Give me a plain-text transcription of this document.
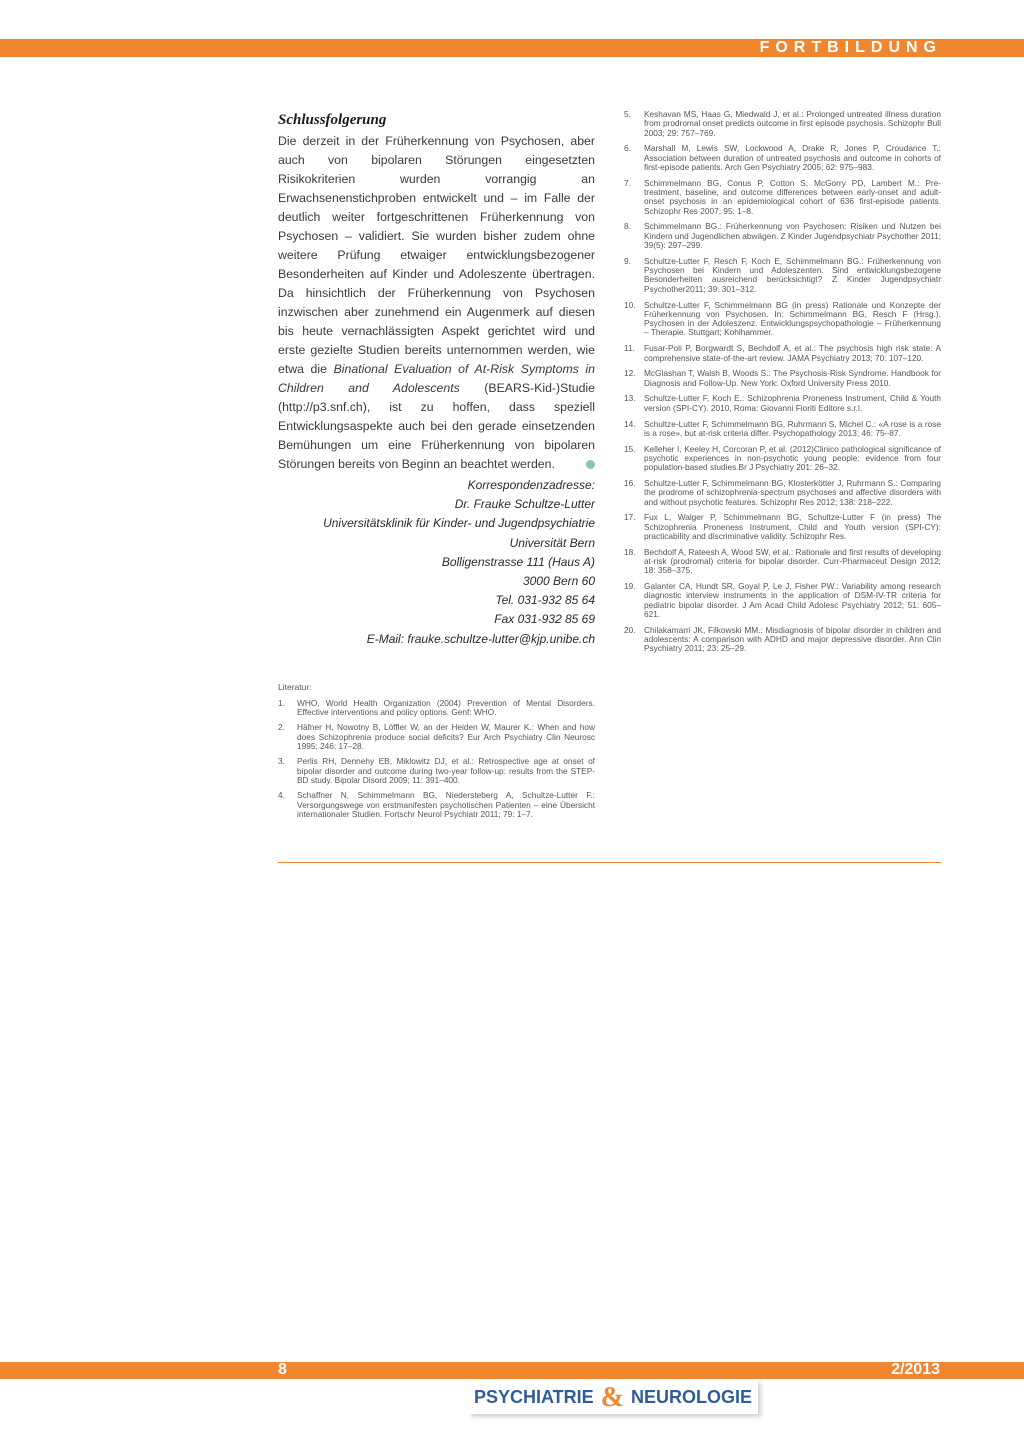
FORTBILDUNG
Schlussfolgerung

Die derzeit in der Früherkennung von Psychosen, aber auch von bipolaren Störungen eingesetzten Risikokriterien wurden vorrangig an Erwachsenenstichproben entwickelt und – im Falle der deutlich weiter fortgeschrittenen Früherkennung von Psychosen – validiert. Sie wurden bisher zudem ohne weitere Prüfung etwaiger entwicklungsbezogener Besonderheiten auf Kinder und Adoleszente übertragen. Da hinsichtlich der Früherkennung von Psychosen inzwischen aber zunehmend ein Augenmerk auf diesen bis heute vernachlässigten Aspekt gerichtet wird und erste gezielte Studien bereits unternommen werden, wie etwa die Binational Evaluation of At-Risk Symptoms in Children and Adolescents (BEARS-Kid-)Studie (http://p3.snf.ch), ist zu hoffen, dass speziell Entwicklungsaspekte auch bei den gerade einsetzenden Bemühungen um eine Früherkennung von bipolaren Störungen bereits von Beginn an beachtet werden.

Korrespondenzadresse:
Dr. Frauke Schultze-Lutter
Universitätsklinik für Kinder- und Jugendpsychiatrie
Universität Bern
Bolligenstrasse 111 (Haus A)
3000 Bern 60
Tel. 031-932 85 64
Fax 031-932 85 69
E-Mail: frauke.schultze-lutter@kjp.unibe.ch
Literatur:
1. WHO, World Health Organization (2004) Prevention of Mental Disorders. Effective interventions and policy options. Genf: WHO.
2. Häfner H, Nowotny B, Löffler W, an der Heiden W, Maurer K.: When and how does Schizophrenia produce social deficits? Eur Arch Psychiatry Clin Neurosc 1995; 246: 17–28.
3. Perlis RH, Dennehy EB, Miklowitz DJ, et al.: Retrospective age at onset of bipolar disorder and outcome during two-year follow-up: results from the STEP-BD study. Bipolar Disord 2009; 11: 391–400.
4. Schaffner N, Schimmelmann BG, Niedersteberg A, Schultze-Lutter F.: Versorgungswege von erstmanifesten psychotischen Patienten – eine Übersicht internationaler Studien. Fortschr Neurol Psychiatr 2011; 79: 1–7.
5. Keshavan MS, Haas G, Miedwald J, et al.: Prolonged untreated illness duration from prodromal onset predicts outcome in first episode psychosis. Schizophr Bull 2003; 29: 757–769.
6. Marshall M, Lewis SW, Lockwood A, Drake R, Jones P, Croudance T.: Association between duration of untreated psychosis and outcome in cohorts of first-episode patients. Arch Gen Psychiatry 2005; 62: 975–983.
7. Schimmelmann BG, Conus P, Cotton S, McGorry PD, Lambert M.: Pre-treatment, baseline, and outcome differences between early-onset and adult-onset psychosis in an epidemiological cohort of 636 first-episode patients. Schizophr Res 2007; 95: 1–8.
8. Schimmelmann BG.: Früherkennung von Psychosen: Risiken und Nutzen bei Kindern und Jugendlichen abwägen. Z Kinder Jugendpsychiatr Psychother 2011; 39(5): 297–299.
9. Schultze-Lutter F, Resch F, Koch E, Schimmelmann BG.: Früherkennung von Psychosen bei Kindern und Adoleszenten. Sind entwicklungsbezogene Besonderheiten ausreichend berücksichtigt? Z Kinder Jugendpsychiatr Psychother2011; 39: 301–312.
10. Schultze-Lutter F, Schimmelmann BG (in press) Rationale und Konzepte der Früherkennung von Psychosen. In: Schimmelmann BG, Resch F (Hrsg.). Psychosen in der Adoleszenz. Entwicklungspsychopathologie – Früherkennung – Therapie. Stuttgart; Kohlhammer.
11. Fusar-Poli P, Borgwardt S, Bechdolf A, et al.: The psychosis high risk state: A comprehensive state-of-the-art review. JAMA Psychiatry 2013; 70: 107–120.
12. McGlashan T, Walsh B, Woods S.: The Psychosis-Risk Syndrome. Handbook for Diagnosis and Follow-Up. New York: Oxford University Press 2010.
13. Schultze-Lutter F, Koch E.: Schizophrenia Proneness Instrument, Child & Youth version (SPI-CY). 2010, Roma: Giovanni Fioriti Editore s.r.l.
14. Schultze-Lutter F, Schimmelmann BG, Ruhrmann S, Michel C.: «A rose is a rose is a rose», but at-risk criteria differ. Psychopathology 2013; 46: 75–87.
15. Kelleher I, Keeley H, Corcoran P, et al. (2012)Clinico pathological significance of psychotic experiences in non-psychotic young people: evidence from four population-based studies.Br J Psychiatry 201: 26–32.
16. Schultze-Lutter F, Schimmelmann BG, Klosterkötter J, Ruhrmann S.: Comparing the prodrome of schizophrenia-spectrum psychoses and affective disorders with and without psychotic features. Schizophr Res 2012; 138: 218–222.
17. Fux L, Walger P, Schimmelmann BG, Schultze-Lutter F (in press) The Schizophrenia Proneness Instrument, Child and Youth version (SPI-CY): practicability and discriminative validity. Schizophr Res.
18. Bechdolf A, Rateesh A, Wood SW, et al.: Rationale and first results of developing at-risk (prodromal) criteria for bipolar disorder. Curr-Pharmaceut Design 2012; 18: 358–375.
19. Galanter CA, Hundt SR, Goyal P, Le J, Fisher PW.: Variability among research diagnostic interview instruments in the application of DSM-IV-TR criteria for pediatric bipolar disorder. J Am Acad Child Adolesc Psychiatry 2012; 51: 605–621.
20. Chilakamarri JK, Filkowski MM.: Misdiagnosis of bipolar disorder in children and adolescents: A comparison with ADHD and major depressive disorder. Ann Clin Psychiatry 2011; 23: 25–29.
8	2/2013
PSYCHIATRIE & NEUROLOGIE
